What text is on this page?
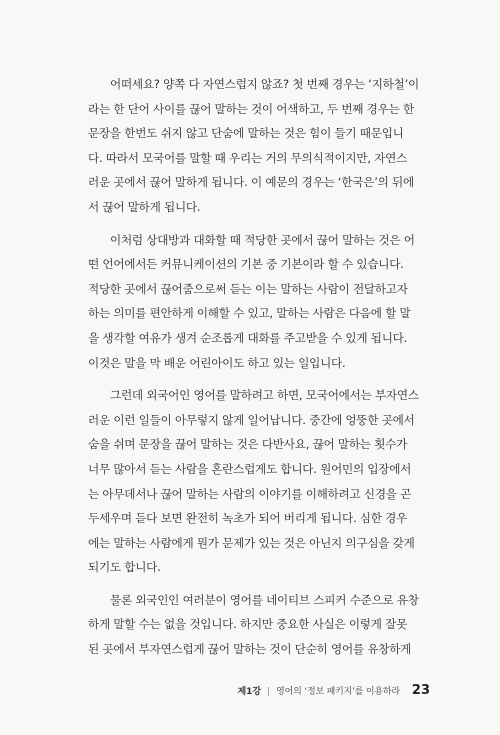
어떠세요? 양쪽 다 자연스럽지 않죠? 첫 번째 경우는 ‘지하철’이
라는 한 단어 사이를 끊어 말하는 것이 어색하고, 두 번째 경우는 한
문장을 한번도 쉬지 않고 단숨에 말하는 것은 힘이 들기 때문입니
다. 따라서 모국어를 말할 때 우리는 거의 무의식적이지만, 자연스
러운 곳에서 끊어 말하게 됩니다. 이 예문의 경우는 ‘한국은’의 뒤에
서 끊어 말하게 됩니다.

이처럼 상대방과 대화할 때 적당한 곳에서 끊어 말하는 것은 어
떤 언어에서든 커뮤니케이션의 기본 중 기본이라 할 수 있습니다.
적당한 곳에서 끊어줌으로써 듣는 이는 말하는 사람이 전달하고자
하는 의미를 편안하게 이해할 수 있고, 말하는 사람은 다음에 할 말
을 생각할 여유가 생겨 순조롭게 대화를 주고받을 수 있게 됩니다.
이것은 말을 막 배운 어린아이도 하고 있는 일입니다.

그런데 외국어인 영어를 말하려고 하면, 모국어에서는 부자연스
러운 이런 일들이 아무렇지 않게 일어납니다. 중간에 엉뚱한 곳에서
숨을 쉬며 문장을 끊어 말하는 것은 다반사요, 끊어 말하는 횟수가
너무 많아서 듣는 사람을 혼란스럽게도 합니다. 원어민의 입장에서
는 아무데서나 끊어 말하는 사람의 이야기를 이해하려고 신경을 곤
두세우며 듣다 보면 완전히 녹초가 되어 버리게 됩니다. 심한 경우
에는 말하는 사람에게 뭔가 문제가 있는 것은 아닌지 의구심을 갖게
되기도 합니다.

물론 외국인인 여러분이 영어를 네이티브 스피커 수준으로 유창
하게 말할 수는 없을 것입니다. 하지만 중요한 사실은 이렇게 잘못
된 곳에서 부자연스럽게 끊어 말하는 것이 단순히 영어를 유창하게

제1강 | 영어의 ‘정보 패키지’를 이용하라 23
